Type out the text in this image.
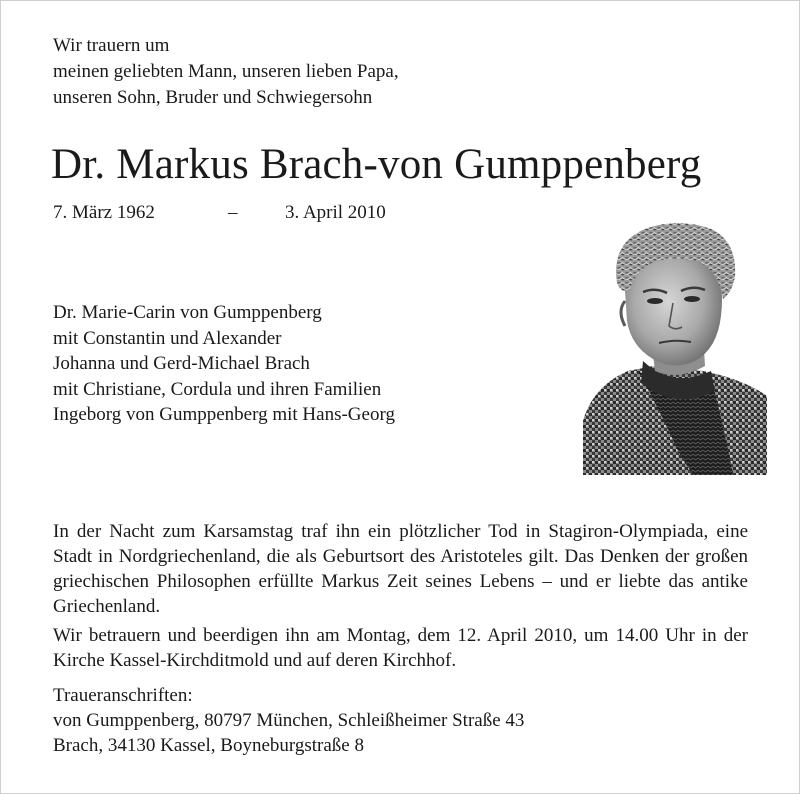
Wir trauern um
meinen geliebten Mann, unseren lieben Papa,
unseren Sohn, Bruder und Schwiegersohn
Dr. Markus Brach-von Gumppenberg
7. März 1962	–	3. April 2010
Dr. Marie-Carin von Gumppenberg
mit Constantin und Alexander
Johanna und Gerd-Michael Brach
mit Christiane, Cordula und ihren Familien
Ingeborg von Gumppenberg mit Hans-Georg
In der Nacht zum Karsamstag traf ihn ein plötzlicher Tod in Stagiron-Olympiada, eine Stadt in Nordgriechenland, die als Geburtsort des Aristoteles gilt. Das Denken der großen griechischen Philosophen erfüllte Markus Zeit seines Lebens – und er liebte das antike Griechenland.
Wir betrauern und beerdigen ihn am Montag, dem 12. April 2010, um 14.00 Uhr in der Kirche Kassel-Kirchditmold und auf deren Kirchhof.
Traueranschriften:
von Gumppenberg, 80797 München, Schleißheimer Straße 43
Brach, 34130 Kassel, Boyneburgstraße 8
